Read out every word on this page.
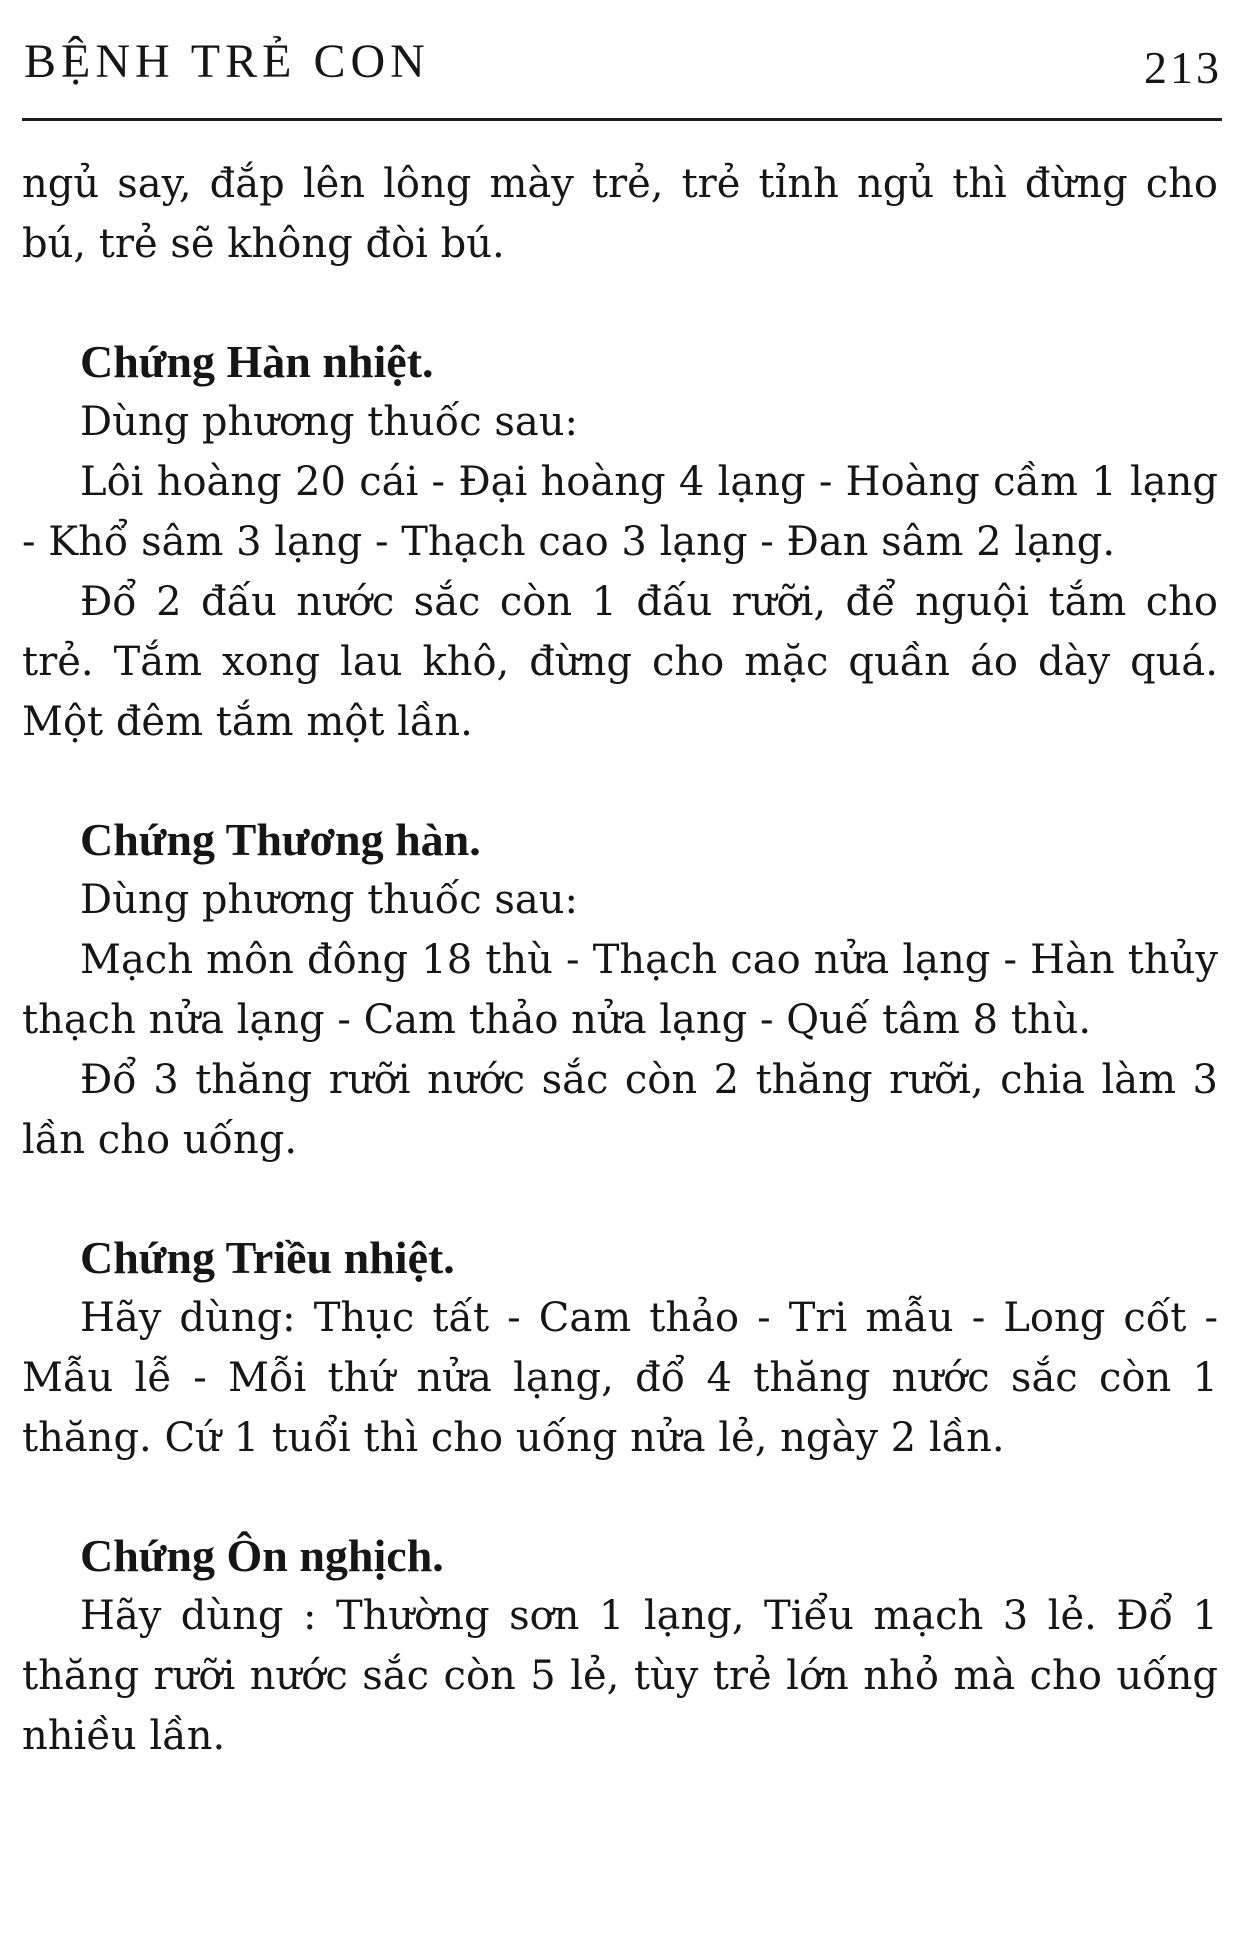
BỆNH TRẺ CON	213

ngủ say, đắp lên lông mày trẻ, trẻ tỉnh ngủ thì đừng cho bú, trẻ sẽ không đòi bú.

Chứng Hàn nhiệt.

Dùng phương thuốc sau:

Lôi hoàng 20 cái - Đại hoàng 4 lạng - Hoàng cầm 1 lạng - Khổ sâm 3 lạng - Thạch cao 3 lạng - Đan sâm 2 lạng.

Đổ 2 đấu nước sắc còn 1 đấu rưỡi, để nguội tắm cho trẻ. Tắm xong lau khô, đừng cho mặc quần áo dày quá. Một đêm tắm một lần.

Chứng Thương hàn.

Dùng phương thuốc sau:

Mạch môn đông 18 thù - Thạch cao nửa lạng - Hàn thủy thạch nửa lạng - Cam thảo nửa lạng - Quế tâm 8 thù.

Đổ 3 thăng rưỡi nước sắc còn 2 thăng rưỡi, chia làm 3 lần cho uống.

Chứng Triều nhiệt.

Hãy dùng: Thục tất - Cam thảo - Tri mẫu - Long cốt - Mẫu lễ - Mỗi thứ nửa lạng, đổ 4 thăng nước sắc còn 1 thăng. Cứ 1 tuổi thì cho uống nửa lẻ, ngày 2 lần.

Chứng Ôn nghịch.

Hãy dùng : Thường sơn 1 lạng, Tiểu mạch 3 lẻ. Đổ 1 thăng rưỡi nước sắc còn 5 lẻ, tùy trẻ lớn nhỏ mà cho uống nhiều lần.
